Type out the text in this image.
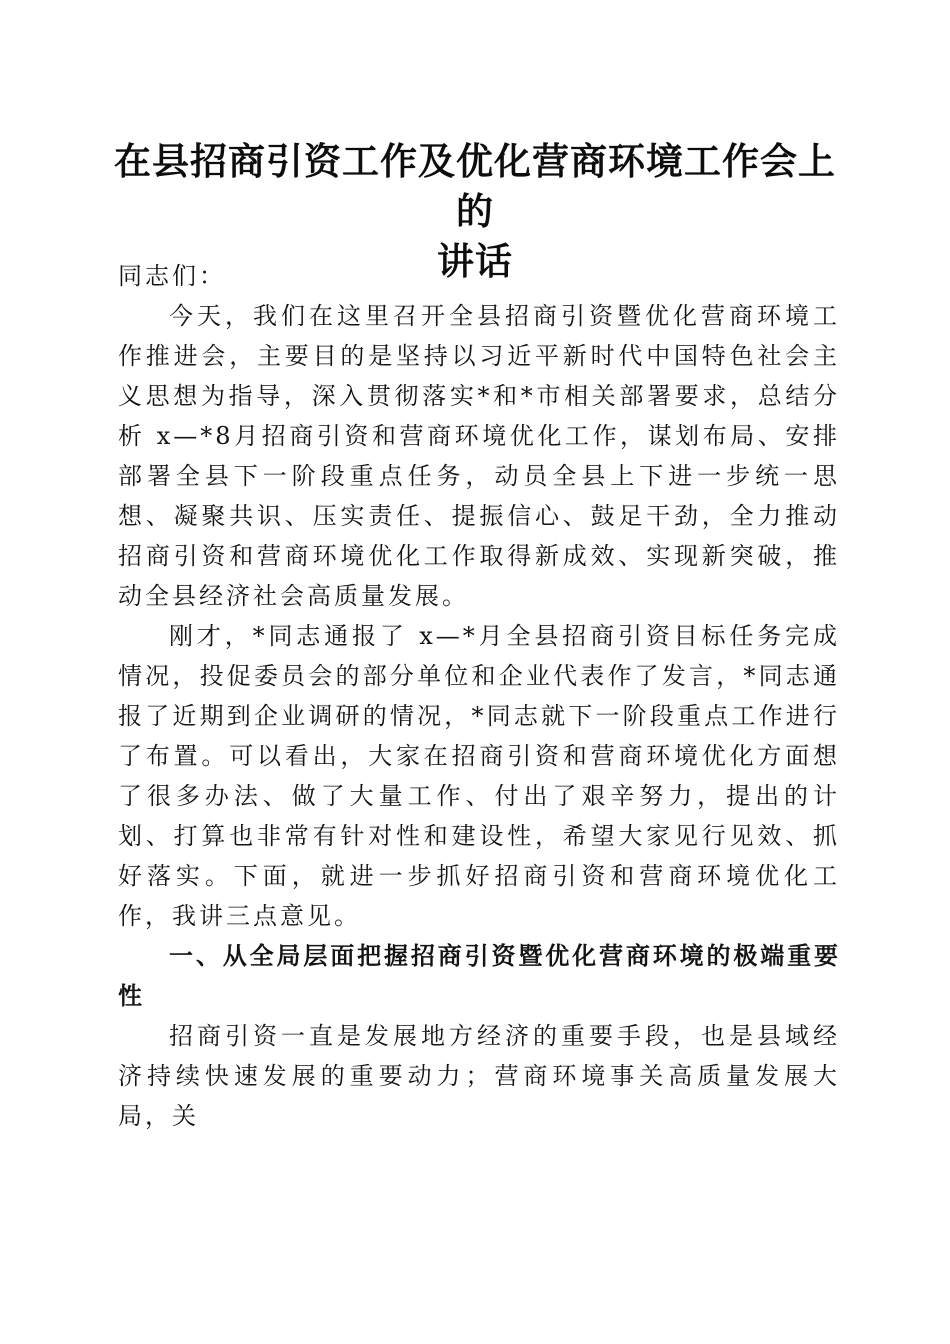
在县招商引资工作及优化营商环境工作会上的
讲话

同志们：

今天，我们在这里召开全县招商引资暨优化营商环境工作推进会，主要目的是坚持以习近平新时代中国特色社会主义思想为指导，深入贯彻落实*和*市相关部署要求，总结分析 x—*8月招商引资和营商环境优化工作，谋划布局、安排部署全县下一阶段重点任务，动员全县上下进一步统一思想、凝聚共识、压实责任、提振信心、鼓足干劲，全力推动招商引资和营商环境优化工作取得新成效、实现新突破，推动全县经济社会高质量发展。

刚才，*同志通报了 x—*月全县招商引资目标任务完成情况，投促委员会的部分单位和企业代表作了发言，*同志通报了近期到企业调研的情况，*同志就下一阶段重点工作进行了布置。可以看出，大家在招商引资和营商环境优化方面想了很多办法、做了大量工作、付出了艰辛努力，提出的计划、打算也非常有针对性和建设性，希望大家见行见效、抓好落实。下面，就进一步抓好招商引资和营商环境优化工作，我讲三点意见。

一、从全局层面把握招商引资暨优化营商环境的极端重要性

招商引资一直是发展地方经济的重要手段，也是县域经济持续快速发展的重要动力；营商环境事关高质量发展大局，关
